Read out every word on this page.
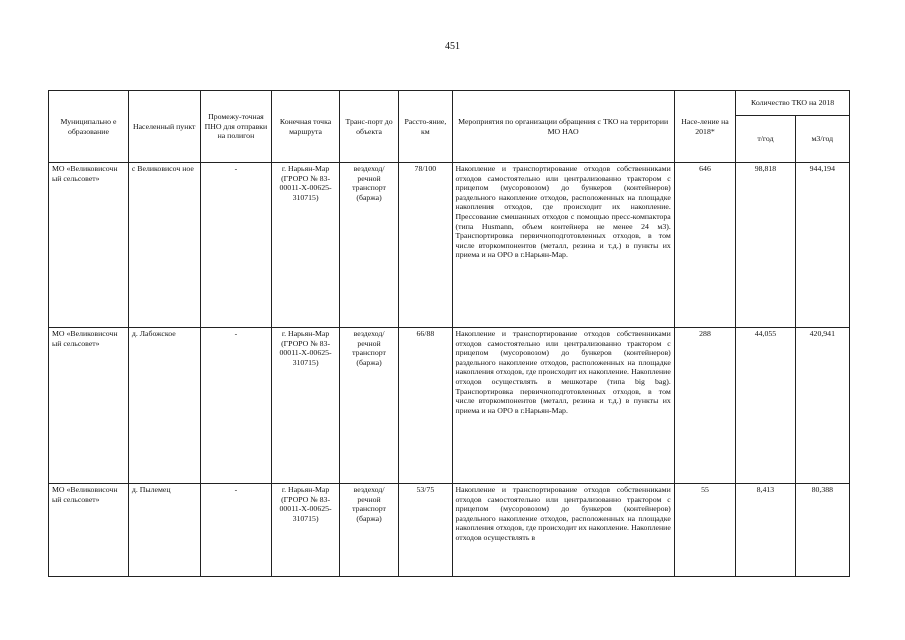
451
Муниципально е образование	Населенный пункт	Промежу-точная ПНО для отправки на полигон	Конечная точка маршрута	Транс-порт до объекта	Рассто-яние, км	Мероприятия по организации обращения с ТКО на территории МО НАО	Насе-ление на 2018*	Количество ТКО на 2018	
								т/год	м3/год
МО «Великовисочн ый сельсовет»	с Великовисоч ное	-	г. Нарьян-Мар (ГРОРО № 83-00011-Х-00625-310715)	вездеход/ речной транспорт (баржа)	78/100	Накопление и транспортирование отходов собственниками отходов самостоятельно или централизованно трактором с прицепом (мусоровозом) до бункеров (контейнеров) раздельного накопление отходов, расположенных на площадке накопления отходов, где происходит их накопление. Прессование смешанных отходов с помощью пресс-компактора (типа Husmann, объем контейнера не менее 24 м3). Транспортировка первичноподготовленных отходов, в том числе вторкомпонентов (металл, резина и т.д.) в пункты их приема и на ОРО в г.Нарьян-Мар.	646	98,818	944,194
МО «Великовисочн ый сельсовет»	д. Лабожское	-	г. Нарьян-Мар (ГРОРО № 83-00011-Х-00625-310715)	вездеход/ речной транспорт (баржа)	66/88	Накопление и транспортирование отходов собственниками отходов самостоятельно или централизованно трактором с прицепом (мусоровозом) до бункеров (контейнеров) раздельного накопление отходов, расположенных на площадке накопления отходов, где происходит их накопление. Накопление отходов осуществлять в мешкотаре (типа big bag). Транспортировка первичноподготовленных отходов, в том числе вторкомпонентов (металл, резина и т.д.) в пункты их приема и на ОРО в г.Нарьян-Мар.	288	44,055	420,941
МО «Великовисочн ый сельсовет»	д. Пылемец	-	г. Нарьян-Мар (ГРОРО № 83-00011-Х-00625-310715)	вездеход/ речной транспорт (баржа)	53/75	Накопление и транспортирование отходов собственниками отходов самостоятельно или централизованно трактором с прицепом (мусоровозом) до бункеров (контейнеров) раздельного накопление отходов, расположенных на площадке накопления отходов, где происходит их накопление. Накопление отходов осуществлять в	55	8,413	80,388
